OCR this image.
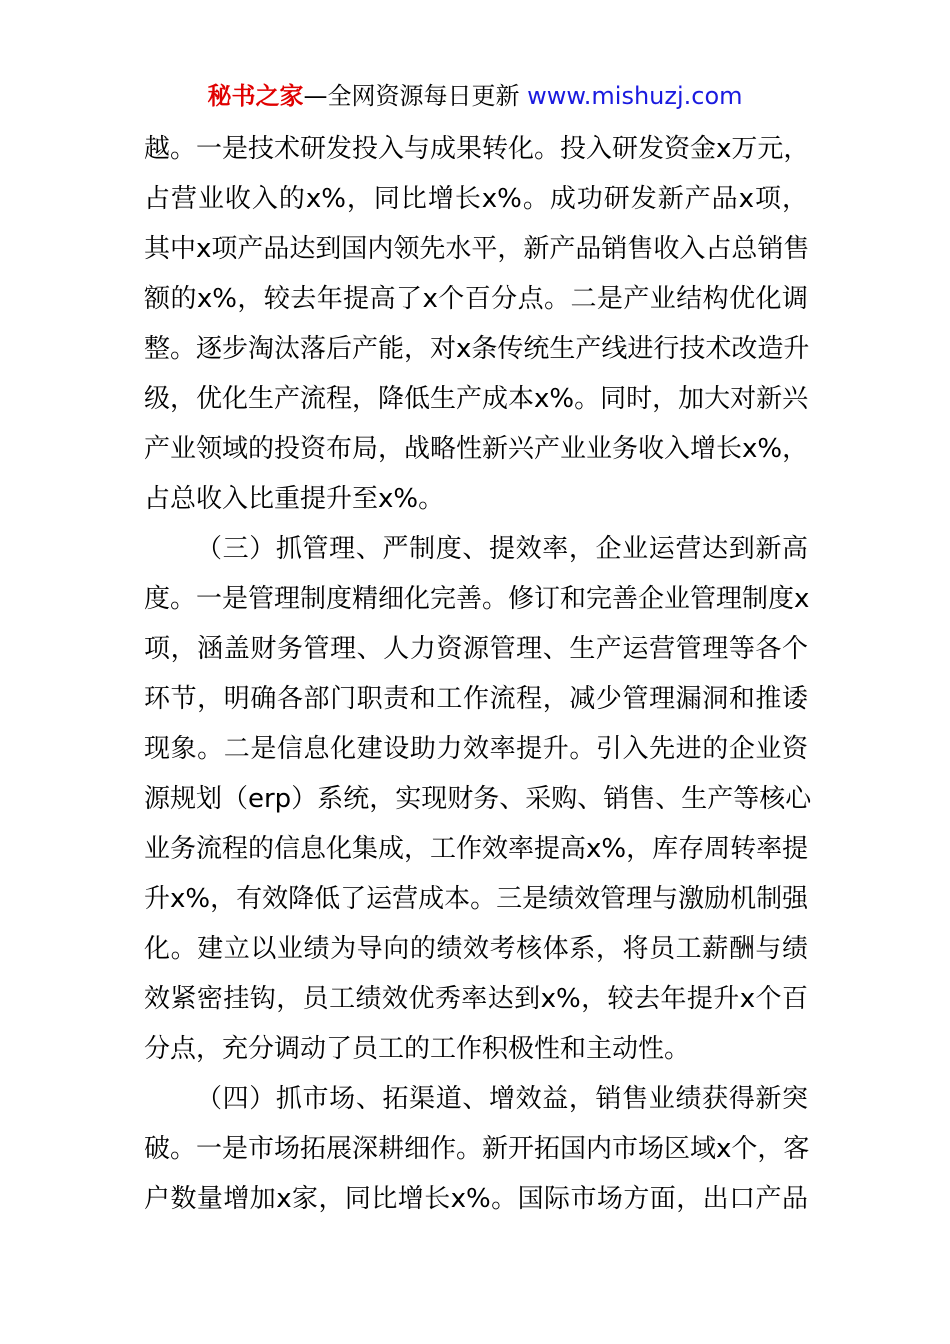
秘书之家—全网资源每日更新 www.mishuzj.com
越。一是技术研发投入与成果转化。投入研发资金x万元，
占营业收入的x%，同比增长x%。成功研发新产品x项，
其中x项产品达到国内领先水平，新产品销售收入占总销售
额的x%，较去年提高了x个百分点。二是产业结构优化调
整。逐步淘汰落后产能，对x条传统生产线进行技术改造升
级，优化生产流程，降低生产成本x%。同时，加大对新兴
产业领域的投资布局，战略性新兴产业业务收入增长x%，
占总收入比重提升至x%。
（三）抓管理、严制度、提效率，企业运营达到新高
度。一是管理制度精细化完善。修订和完善企业管理制度x
项，涵盖财务管理、人力资源管理、生产运营管理等各个
环节，明确各部门职责和工作流程，减少管理漏洞和推诿
现象。二是信息化建设助力效率提升。引入先进的企业资
源规划（erp）系统，实现财务、采购、销售、生产等核心
业务流程的信息化集成，工作效率提高x%，库存周转率提
升x%，有效降低了运营成本。三是绩效管理与激励机制强
化。建立以业绩为导向的绩效考核体系，将员工薪酬与绩
效紧密挂钩，员工绩效优秀率达到x%，较去年提升x个百
分点，充分调动了员工的工作积极性和主动性。
（四）抓市场、拓渠道、增效益，销售业绩获得新突
破。一是市场拓展深耕细作。新开拓国内市场区域x个，客
户数量增加x家，同比增长x%。国际市场方面，出口产品
